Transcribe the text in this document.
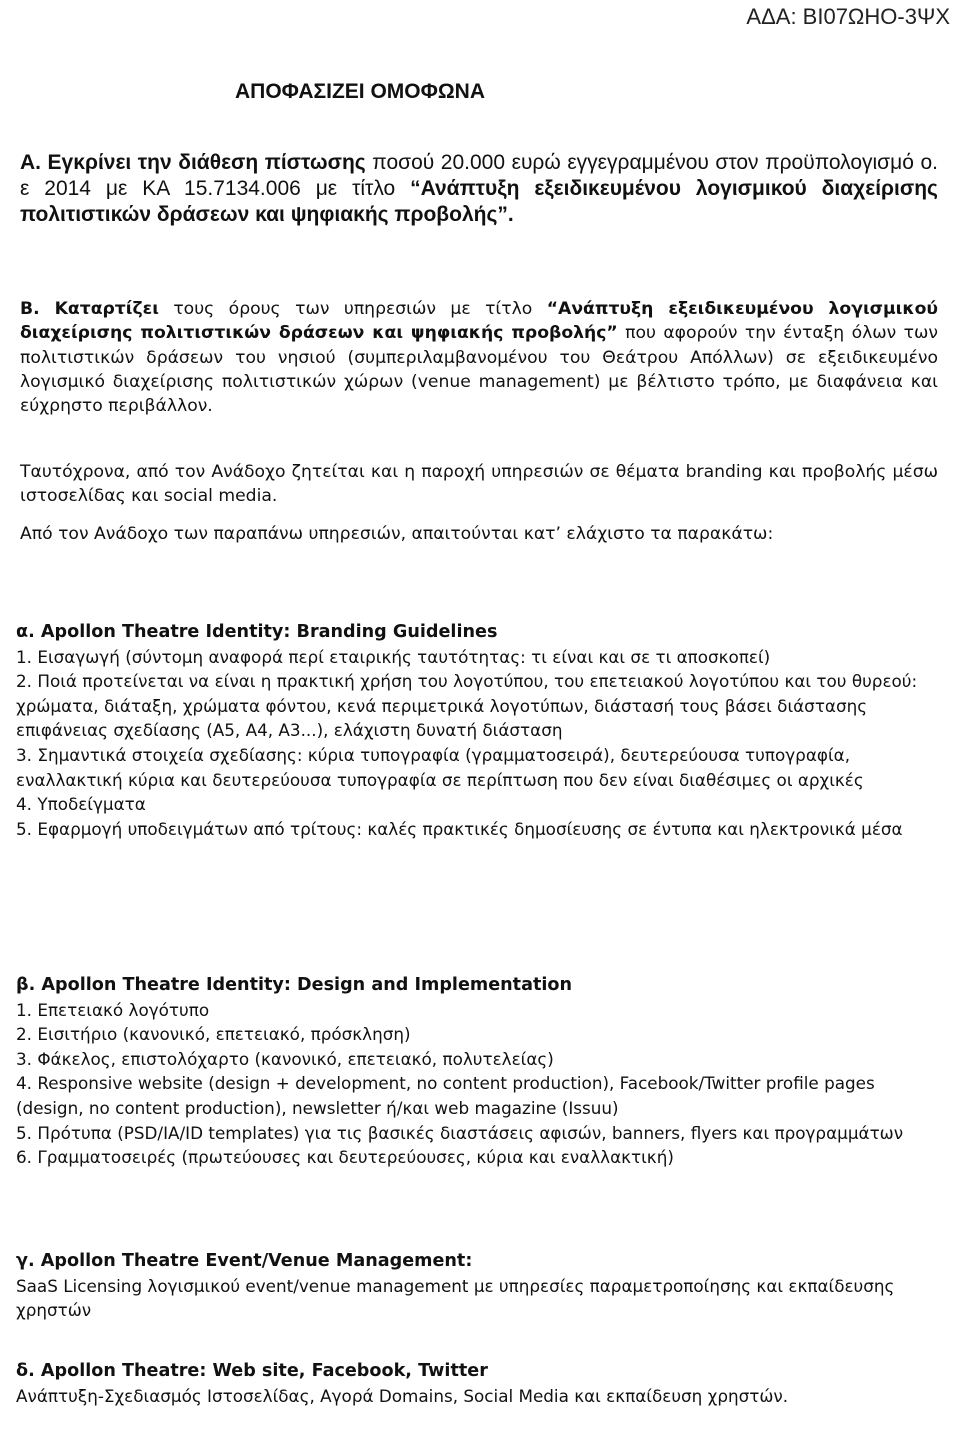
ΑΔΑ: ΒΙ07ΩΗΟ-3ΨΧ
ΑΠΟΦΑΣΙΖΕΙ ΟΜΟΦΩΝΑ
Α. Εγκρίνει την διάθεση πίστωσης ποσού 20.000 ευρώ εγγεγραμμένου στον προϋπολογισμό ο. ε 2014 με ΚΑ 15.7134.006 με τίτλο “Ανάπτυξη εξειδικευμένου λογισμικού διαχείρισης πολιτιστικών δράσεων και ψηφιακής προβολής”.
Β. Καταρτίζει τους όρους των υπηρεσιών με τίτλο “Ανάπτυξη εξειδικευμένου λογισμικού διαχείρισης πολιτιστικών δράσεων και ψηφιακής προβολής” που αφορούν την ένταξη όλων των πολιτιστικών δράσεων του νησιού (συμπεριλαμβανομένου του Θεάτρου Απόλλων) σε εξειδικευμένο λογισμικό διαχείρισης πολιτιστικών χώρων (venue management) με βέλτιστο τρόπο, με διαφάνεια και εύχρηστο περιβάλλον.
Ταυτόχρονα, από τον Ανάδοχο ζητείται και η παροχή υπηρεσιών σε θέματα branding και προβολής μέσω ιστοσελίδας και social media.
Από τον Ανάδοχο των παραπάνω υπηρεσιών, απαιτούνται κατ’ ελάχιστο τα παρακάτω:
α. Apollon Theatre Identity: Branding Guidelines
1. Εισαγωγή (σύντομη αναφορά περί εταιρικής ταυτότητας: τι είναι και σε τι αποσκοπεί)
2. Ποιά προτείνεται να είναι η πρακτική χρήση του λογοτύπου, του επετειακού λογοτύπου και του θυρεού: χρώματα, διάταξη, χρώματα φόντου, κενά περιμετρικά λογοτύπων, διάστασή τους βάσει διάστασης επιφάνειας σχεδίασης (Α5, Α4, Α3...), ελάχιστη δυνατή διάσταση
3. Σημαντικά στοιχεία σχεδίασης: κύρια τυπογραφία (γραμματοσειρά), δευτερεύουσα τυπογραφία, εναλλακτική κύρια και δευτερεύουσα τυπογραφία σε περίπτωση που δεν είναι διαθέσιμες οι αρχικές
4. Υποδείγματα
5. Εφαρμογή υποδειγμάτων από τρίτους: καλές πρακτικές δημοσίευσης σε έντυπα και ηλεκτρονικά μέσα
β. Apollon Theatre Identity: Design and Implementation
1. Επετειακό λογότυπο
2. Εισιτήριο (κανονικό, επετειακό, πρόσκληση)
3. Φάκελος, επιστολόχαρτο (κανονικό, επετειακό, πολυτελείας)
4. Responsive website (design + development, no content production), Facebook/Twitter profile pages (design, no content production), newsletter ή/και web magazine (Issuu)
5. Πρότυπα (PSD/IA/ID templates) για τις βασικές διαστάσεις αφισών, banners, flyers και προγραμμάτων
6. Γραμματοσειρές (πρωτεύουσες και δευτερεύουσες, κύρια και εναλλακτική)
γ. Apollon Theatre Event/Venue Management:
SaaS Licensing λογισμικού event/venue management με υπηρεσίες παραμετροποίησης και εκπαίδευσης χρηστών
δ. Apollon Theatre: Web site, Facebook, Twitter
Ανάπτυξη-Σχεδιασμός Ιστοσελίδας, Αγορά Domains, Social Media και εκπαίδευση χρηστών.
